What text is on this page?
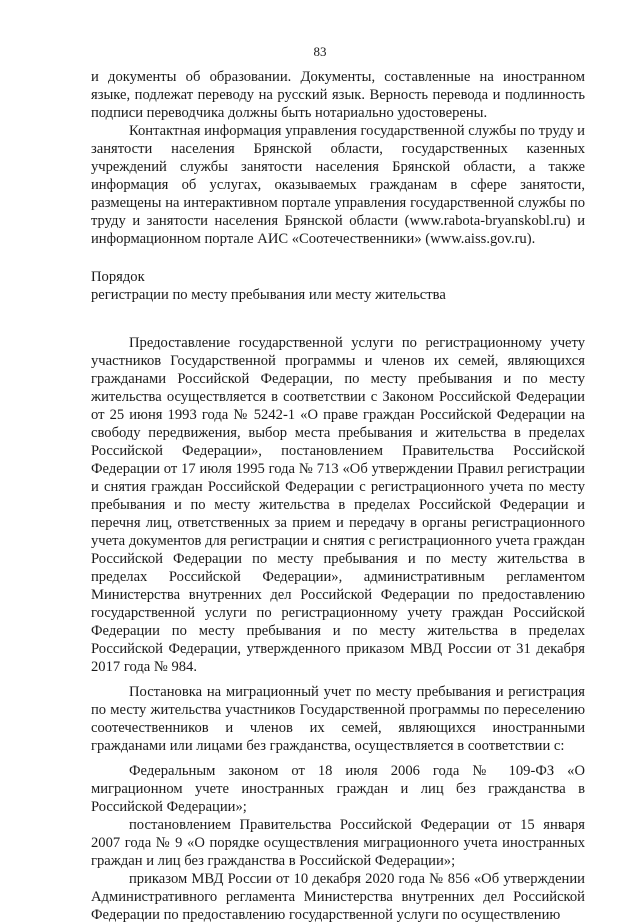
83

и документы об образовании. Документы, составленные на иностранном языке, подлежат переводу на русский язык. Верность перевода и подлинность подписи переводчика должны быть нотариально удостоверены.

Контактная информация управления государственной службы по труду и занятости населения Брянской области, государственных казенных учреждений службы занятости населения Брянской области, а также информация об услугах, оказываемых гражданам в сфере занятости, размещены на интерактивном портале управления государственной службы по труду и занятости населения Брянской области (www.rabota-bryanskobl.ru) и информационном портале АИС «Соотечественники» (www.aiss.gov.ru).

Порядок

регистрации по месту пребывания или месту жительства

Предоставление государственной услуги по регистрационному учету участников Государственной программы и членов их семей, являющихся гражданами Российской Федерации, по месту пребывания и по месту жительства осуществляется в соответствии с Законом Российской Федерации от 25 июня 1993 года № 5242-1 «О праве граждан Российской Федерации на свободу передвижения, выбор места пребывания и жительства в пределах Российской Федерации», постановлением Правительства Российской Федерации от 17 июля 1995 года № 713 «Об утверждении Правил регистрации и снятия граждан Российской Федерации с регистрационного учета по месту пребывания и по месту жительства в пределах Российской Федерации и перечня лиц, ответственных за прием и передачу в органы регистрационного учета документов для регистрации и снятия с регистрационного учета граждан Российской Федерации по месту пребывания и по месту жительства в пределах Российской Федерации», административным регламентом Министерства внутренних дел Российской Федерации по предоставлению государственной услуги по регистрационному учету граждан Российской Федерации по месту пребывания и по месту жительства в пределах Российской Федерации, утвержденного приказом МВД России от 31 декабря 2017 года № 984.

Постановка на миграционный учет по месту пребывания и регистрация по месту жительства участников Государственной программы по переселению соотечественников и членов их семей, являющихся иностранными гражданами или лицами без гражданства, осуществляется в соответствии с:

Федеральным законом от 18 июля 2006 года № 109-ФЗ «О миграционном учете иностранных граждан и лиц без гражданства в Российской Федерации»;

постановлением Правительства Российской Федерации от 15 января 2007 года № 9 «О порядке осуществления миграционного учета иностранных граждан и лиц без гражданства в Российской Федерации»;

приказом МВД России от 10 декабря 2020 года № 856 «Об утверждении Административного регламента Министерства внутренних дел Российской Федерации по предоставлению государственной услуги по осуществлению
